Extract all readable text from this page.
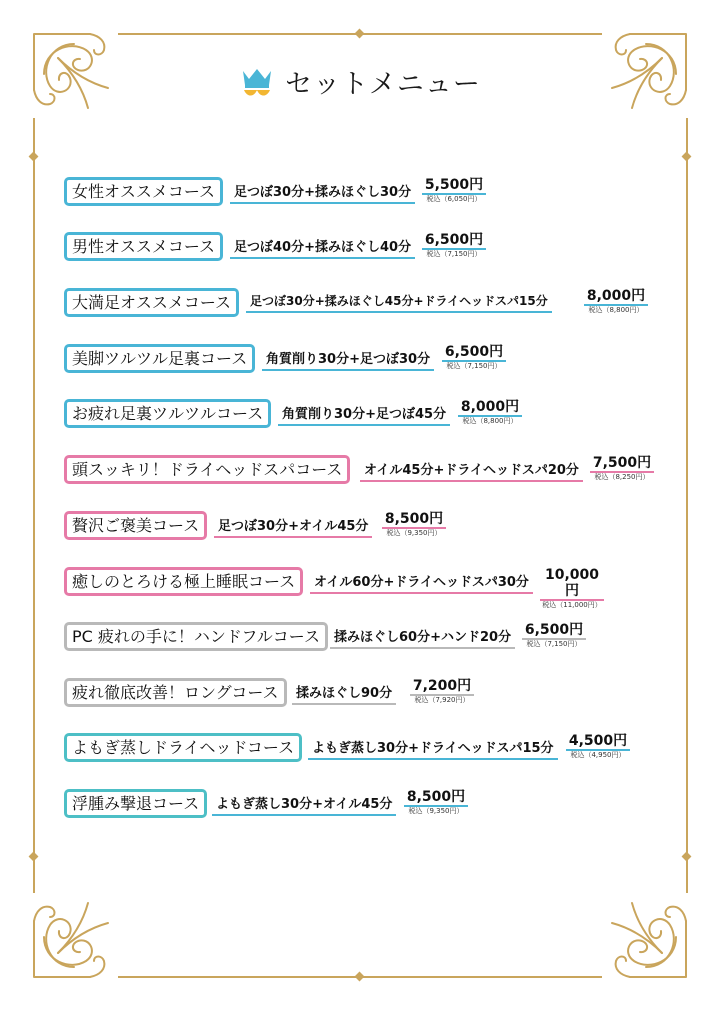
セットメニュー
女性オススメコース	足つぼ30分+揉みほぐし30分 5,500円
税込（6,050円）
男性オススメコース	足つぼ40分+揉みほぐし40分 6,500円
税込（7,150円）
大満足オススメコース	足つぼ30分+揉みほぐし45分+ドライヘッドスパ15分	8,000円
税込（8,800円）
美脚ツルツル足裏コース	角質削り30分+足つぼ30分 6,500円
税込（7,150円）
お疲れ足裏ツルツルコース	角質削り30分+足つぼ45分 8,000円
税込（8,800円）
頭スッキリ！ドライヘッドスパコース	オイル45分+ドライヘッドスパ20分 7,500円
税込（8,250円）
贅沢ご褒美コース	足つぼ30分+オイル45分 8,500円
税込（9,350円）
癒しのとろける極上睡眠コース	オイル60分+ドライヘッドスパ30分	10,000円
税込（11,000円）
PC 疲れの手に！ハンドフルコース	揉みほぐし60分+ハンド20分 6,500円
税込（7,150円）
疲れ徹底改善！ロングコース	揉みほぐし90分 7,200円
税込（7,920円）
よもぎ蒸しドライヘッドコース	よもぎ蒸し30分+ドライヘッドスパ15分 4,500円
税込（4,950円）
浮腫み撃退コース	よもぎ蒸し30分+オイル45分 8,500円
税込（9,350円）
